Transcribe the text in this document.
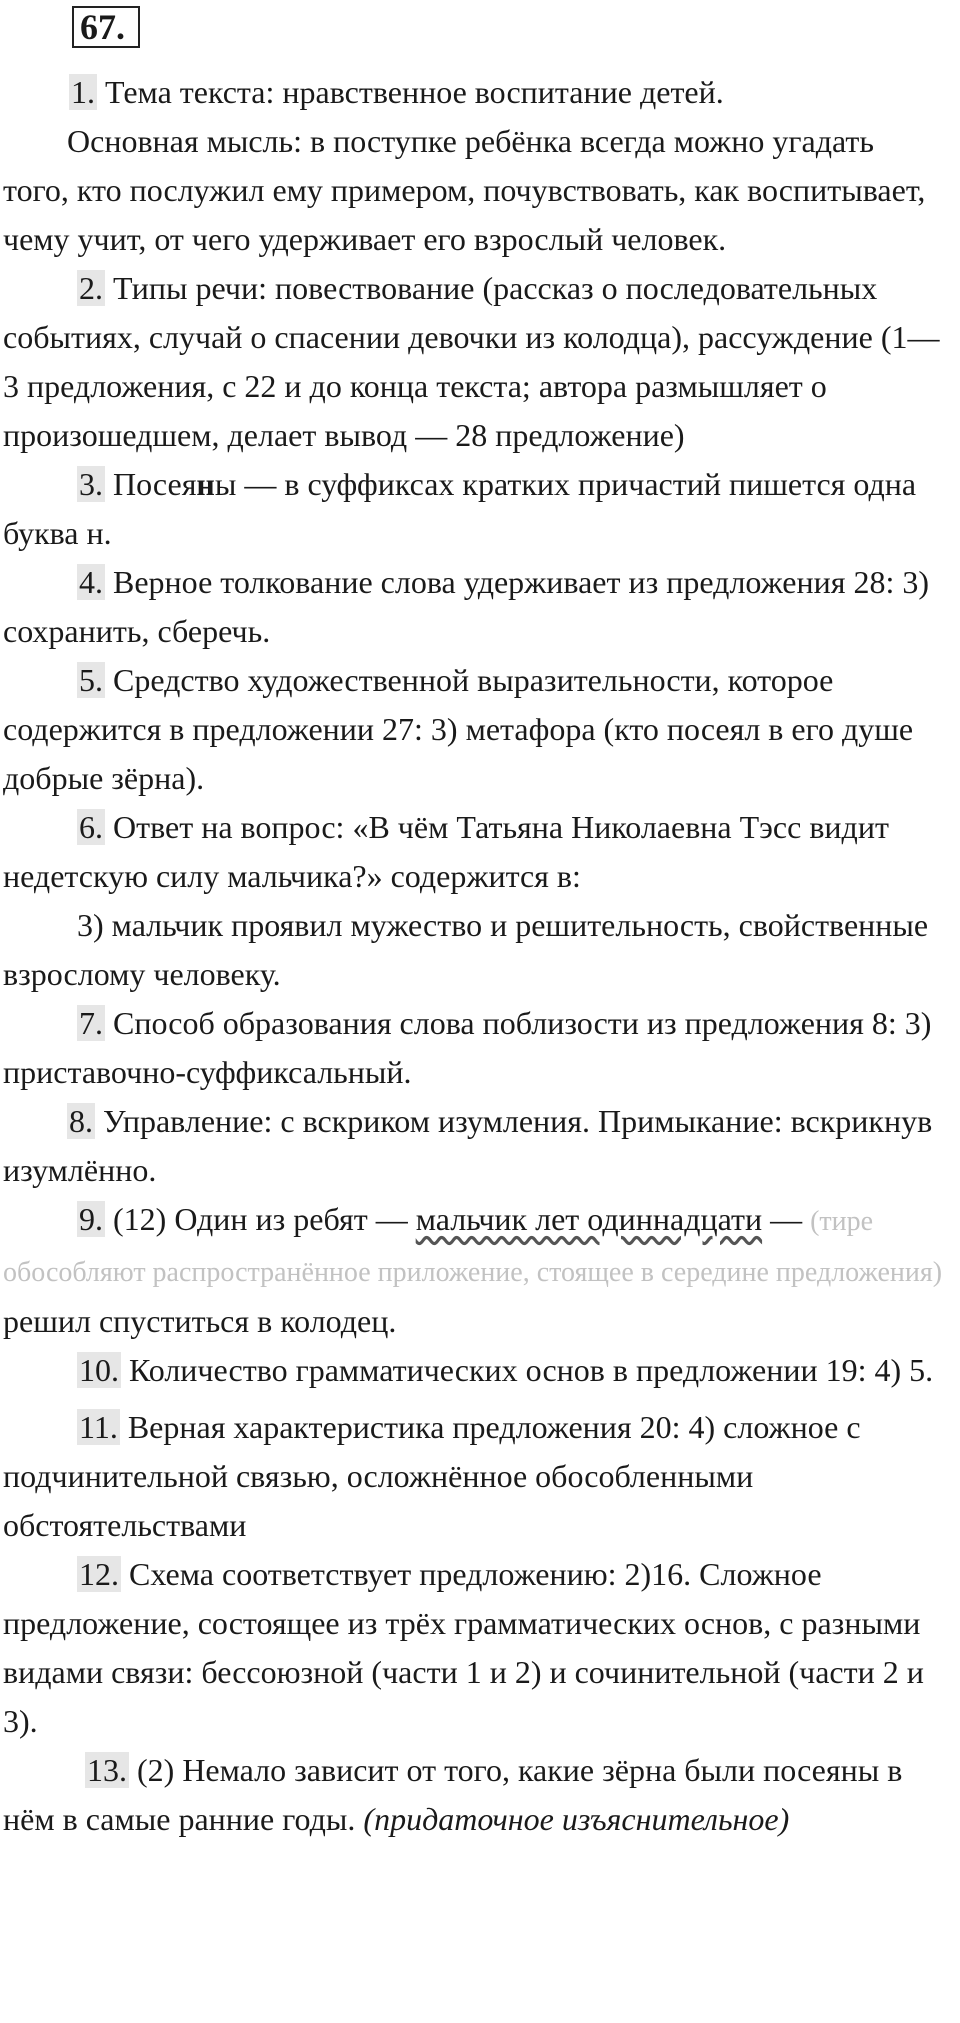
67.

1. Тема текста: нравственное воспитание детей.

Основная мысль: в поступке ребёнка всегда можно угадать того, кто послужил ему примером, почувствовать, как воспитывает, чему учит, от чего удерживает его взрослый человек.

2. Типы речи: повествование (рассказ о последовательных событиях, случай о спасении девочки из колодца), рассуждение (1—3 предложения, с 22 и до конца текста; автора размышляет о произошедшем, делает вывод — 28 предложение)

3. Посеяны — в суффиксах кратких причастий пишется одна буква н.

4. Верное толкование слова удерживает из предложения 28: 3) сохранить, сберечь.

5. Средство художественной выразительности, которое содержится в предложении 27: 3) метафора (кто посеял в его душе добрые зёрна).

6. Ответ на вопрос: «В чём Татьяна Николаевна Тэсс видит недетскую силу мальчика?» содержится в:

3) мальчик проявил мужество и решительность, свойственные взрослому человеку.

7. Способ образования слова поблизости из предложения 8: 3) приставочно-суффиксальный.

8. Управление: с вскриком изумления. Примыкание: вскрикнув изумлённо.

9. (12) Один из ребят — мальчик лет одиннадцати — (тире обособляют распространённое приложение, стоящее в середине предложения) решил спуститься в колодец.

10. Количество грамматических основ в предложении 19: 4) 5.

11. Верная характеристика предложения 20: 4) сложное с подчинительной связью, осложнённое обособленными обстоятельствами

12. Схема соответствует предложению: 2)16. Сложное предложение, состоящее из трёх грамматических основ, с разными видами связи: бессоюзной (части 1 и 2) и сочинительной (части 2 и 3).

13. (2) Немало зависит от того, какие зёрна были посеяны в нём в самые ранние годы. (придаточное изъяснительное)
